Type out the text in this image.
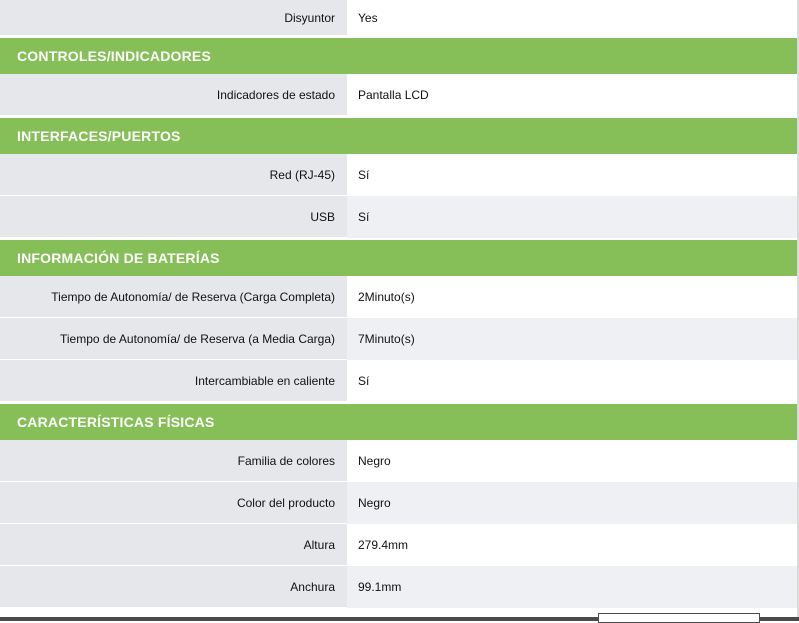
Disyuntor	Yes
CONTROLES/INDICADORES
Indicadores de estado	Pantalla LCD
INTERFACES/PUERTOS
Red (RJ-45)	Sí
USB	Sí
INFORMACIÓN DE BATERÍAS
Tiempo de Autonomía/ de Reserva (Carga Completa)	2Minuto(s)
Tiempo de Autonomía/ de Reserva (a Media Carga)	7Minuto(s)
Intercambiable en caliente	Sí
CARACTERÍSTICAS FÍSICAS
Familia de colores	Negro
Color del producto	Negro
Altura	279.4mm
Anchura	99.1mm
